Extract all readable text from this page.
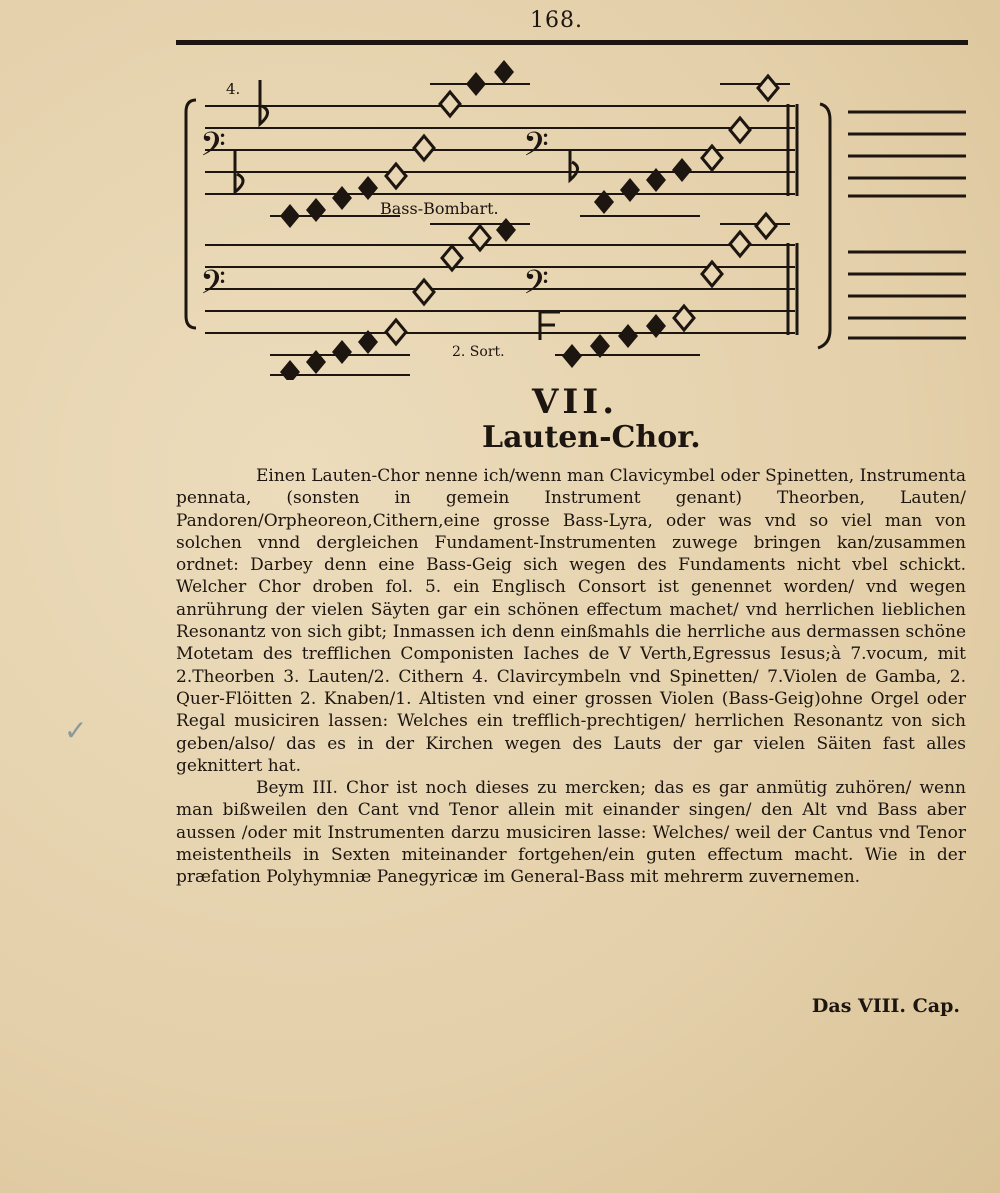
168.
𝄢	𝄢
𝄢	𝄢
4.
Bass-Bombart.
2. Sort.
VII.
Lauten-Chor.

Einen Lauten-Chor nenne ich/wenn man Clavicymbel oder Spinetten, Instrumenta pennata, (sonsten in gemein Instrument genant) Theorben, Lauten/ Pandoren/Orpheoreon,Cithern,eine grosse Bass-Lyra, oder was vnd so viel man von solchen vnnd dergleichen Fundament-Instrumenten zuwege bringen kan/zusammen ordnet: Darbey denn eine Bass-Geig sich wegen des Fundaments nicht vbel schickt. Welcher Chor droben fol. 5. ein Englisch Consort ist genennet worden/ vnd wegen anrührung der vielen Säyten gar ein schönen effectum machet/ vnd herrlichen lieblichen Resonantz von sich gibt; Inmassen ich denn einßmahls die herrliche aus dermassen schöne Motetam des trefflichen Componisten Iaches de V Verth,Egressus Iesus;à 7.vocum, mit 2.Theorben 3. Lauten/2. Cithern 4. Clavircymbeln vnd Spinetten/ 7.Violen de Gamba, 2. Quer-Flöitten 2. Knaben/1. Altisten vnd einer grossen Violen (Bass-Geig)ohne Orgel oder Regal musiciren lassen: Welches ein trefflich-prechtigen/ herrlichen Resonantz von sich geben/also/ das es in der Kirchen wegen des Lauts der gar vielen Säiten fast alles geknittert hat.

Beym III. Chor ist noch dieses zu mercken; das es gar anmütig zuhören/ wenn man bißweilen den Cant vnd Tenor allein mit einander singen/ den Alt vnd Bass aber aussen /oder mit Instrumenten darzu musiciren lasse: Welches/ weil der Cantus vnd Tenor meistentheils in Sexten miteinander fortgehen/ein guten effectum macht. Wie in der præfation Polyhymniæ Panegyricæ im General-Bass mit mehrerm zuvernemen.

✓
Das VIII. Cap.
